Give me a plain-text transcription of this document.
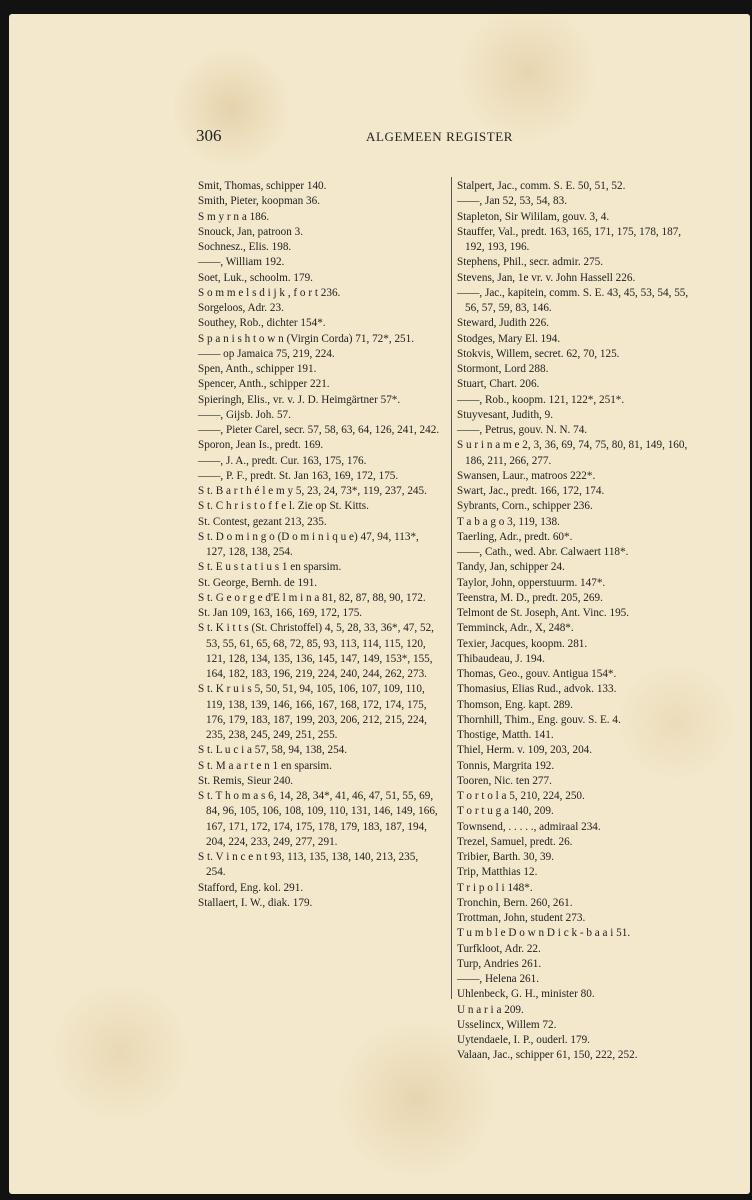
306	ALGEMEEN REGISTER

Smit, Thomas, schipper 140.

Smith, Pieter, koopman 36.

S m y r n a 186.

Snouck, Jan, patroon 3.

Sochnesz., Elis. 198.

——, William 192.

Soet, Luk., schoolm. 179.

S o m m e l s d i j k , f o r t 236.

Sorgeloos, Adr. 23.

Southey, Rob., dichter 154*.

S p a n i s h t o w n (Virgin Corda) 71, 72*, 251.

—— op Jamaica 75, 219, 224.

Spen, Anth., schipper 191.

Spencer, Anth., schipper 221.

Spieringh, Elis., vr. v. J. D. Heimgärtner 57*.

——, Gijsb. Joh. 57.

——, Pieter Carel, secr. 57, 58, 63, 64, 126, 241, 242.

Sporon, Jean Is., predt. 169.

——, J. A., predt. Cur. 163, 175, 176.

——, P. F., predt. St. Jan 163, 169, 172, 175.

S t. B a r t h é l e m y 5, 23, 24, 73*, 119, 237, 245.

S t. C h r i s t o f f e l. Zie op St. Kitts.

St. Contest, gezant 213, 235.

S t. D o m i n g o (D o m i n i q u e) 47, 94, 113*, 127, 128, 138, 254.

S t. E u s t a t i u s 1 en sparsim.

St. George, Bernh. de 191.

S t. G e o r g e d'E l m i n a 81, 82, 87, 88, 90, 172.

St. Jan 109, 163, 166, 169, 172, 175.

S t. K i t t s (St. Christoffel) 4, 5, 28, 33, 36*, 47, 52, 53, 55, 61, 65, 68, 72, 85, 93, 113, 114, 115, 120, 121, 128, 134, 135, 136, 145, 147, 149, 153*, 155, 164, 182, 183, 196, 219, 224, 240, 244, 262, 273.

S t. K r u i s 5, 50, 51, 94, 105, 106, 107, 109, 110, 119, 138, 139, 146, 166, 167, 168, 172, 174, 175, 176, 179, 183, 187, 199, 203, 206, 212, 215, 224, 235, 238, 245, 249, 251, 255.

S t. L u c i a 57, 58, 94, 138, 254.

S t. M a a r t e n 1 en sparsim.

St. Remis, Sieur 240.

S t. T h o m a s 6, 14, 28, 34*, 41, 46, 47, 51, 55, 69, 84, 96, 105, 106, 108, 109, 110, 131, 146, 149, 166, 167, 171, 172, 174, 175, 178, 179, 183, 187, 194, 204, 224, 233, 249, 277, 291.

S t. V i n c e n t 93, 113, 135, 138, 140, 213, 235, 254.

Stafford, Eng. kol. 291.

Stallaert, I. W., diak. 179.

Stalpert, Jac., comm. S. E. 50, 51, 52.

——, Jan 52, 53, 54, 83.

Stapleton, Sir Wililam, gouv. 3, 4.

Stauffer, Val., predt. 163, 165, 171, 175, 178, 187, 192, 193, 196.

Stephens, Phil., secr. admir. 275.

Stevens, Jan, 1e vr. v. John Hassell 226.

——, Jac., kapitein, comm. S. E. 43, 45, 53, 54, 55, 56, 57, 59, 83, 146.

Steward, Judith 226.

Stodges, Mary El. 194.

Stokvis, Willem, secret. 62, 70, 125.

Stormont, Lord 288.

Stuart, Chart. 206.

——, Rob., koopm. 121, 122*, 251*.

Stuyvesant, Judith, 9.

——, Petrus, gouv. N. N. 74.

S u r i n a m e 2, 3, 36, 69, 74, 75, 80, 81, 149, 160, 186, 211, 266, 277.

Swansen, Laur., matroos 222*.

Swart, Jac., predt. 166, 172, 174.

Sybrants, Corn., schipper 236.

T a b a g o 3, 119, 138.

Taerling, Adr., predt. 60*.

——, Cath., wed. Abr. Calwaert 118*.

Tandy, Jan, schipper 24.

Taylor, John, opperstuurm. 147*.

Teenstra, M. D., predt. 205, 269.

Telmont de St. Joseph, Ant. Vinc. 195.

Temminck, Adr., X, 248*.

Texier, Jacques, koopm. 281.

Thibaudeau, J. 194.

Thomas, Geo., gouv. Antigua 154*.

Thomasius, Elias Rud., advok. 133.

Thomson, Eng. kapt. 289.

Thornhill, Thim., Eng. gouv. S. E. 4.

Thostige, Matth. 141.

Thiel, Herm. v. 109, 203, 204.

Tonnis, Margrita 192.

Tooren, Nic. ten 277.

T o r t o l a 5, 210, 224, 250.

T o r t u g a 140, 209.

Townsend, . . . . ., admiraal 234.

Trezel, Samuel, predt. 26.

Tribier, Barth. 30, 39.

Trip, Matthias 12.

T r i p o l i 148*.

Tronchin, Bern. 260, 261.

Trottman, John, student 273.

T u m b l e D o w n D i c k - b a a i 51.

Turfkloot, Adr. 22.

Turp, Andries 261.

——, Helena 261.

Uhlenbeck, G. H., minister 80.

U n a r i a 209.

Usselincx, Willem 72.

Uytendaele, I. P., ouderl. 179.

Valaan, Jac., schipper 61, 150, 222, 252.
